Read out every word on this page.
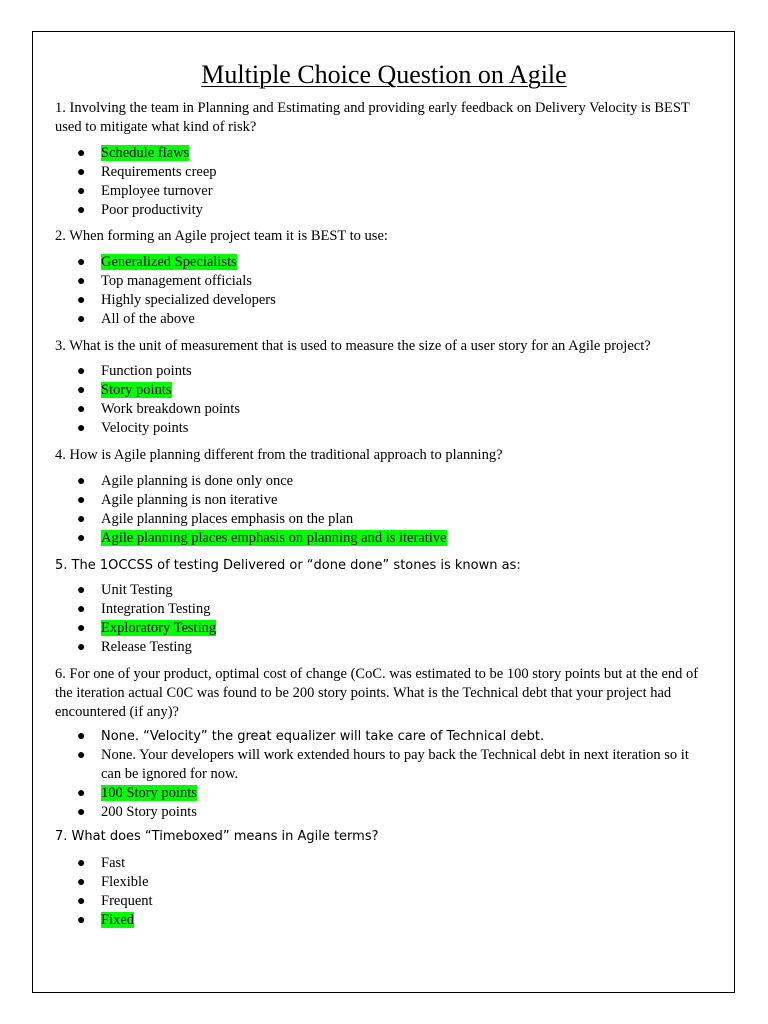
Multiple Choice Question on Agile

1. Involving the team in Planning and Estimating and providing early feedback on Delivery Velocity is BEST used to mitigate what kind of risk?

● Schedule flaws
● Requirements creep
● Employee turnover
● Poor productivity

2. When forming an Agile project team it is BEST to use:

● Generalized Specialists
● Top management officials
● Highly specialized developers
● All of the above

3. What is the unit of measurement that is used to measure the size of a user story for an Agile project?

● Function points
● Story points
● Work breakdown points
● Velocity points

4. How is Agile planning different from the traditional approach to planning?

● Agile planning is done only once
● Agile planning is non iterative
● Agile planning places emphasis on the plan
● Agile planning places emphasis on planning and is iterative

5. The 1OCCSS of testing Delivered or “done done” stones is known as:

● Unit Testing
● Integration Testing
● Exploratory Testing
● Release Testing

6. For one of your product, optimal cost of change (CoC. was estimated to be 100 story points but at the end of the iteration actual C0C was found to be 200 story points. What is the Technical debt that your project had encountered (if any)?

● None. “Velocity” the great equalizer will take care of Technical debt.
● None. Your developers will work extended hours to pay back the Technical debt in next iteration so it can be ignored for now.
● 100 Story points
● 200 Story points

7. What does “Timeboxed” means in Agile terms?

● Fast
● Flexible
● Frequent
● Fixed
